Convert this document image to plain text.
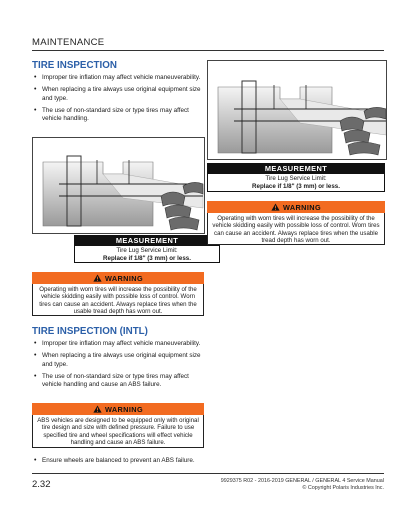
MAINTENANCE
TIRE INSPECTION
• Improper tire inflation may affect vehicle maneuverability.
• When replacing a tire always use original equipment size and type.
• The use of non-standard size or type tires may affect vehicle handling.
MEASUREMENT
Tire Lug Service Limit:
Replace if 1/8" (3 mm) or less.
WARNING
Operating with worn tires will increase the possibility of the vehicle skidding easily with possible loss of control. Worn tires can cause an accident. Always replace tires when the usable tread depth has worn out.
TIRE INSPECTION (INTL)
• Improper tire inflation may affect vehicle maneuverability.
• When replacing a tire always use original equipment size and type.
• The use of non-standard size or type tires may affect vehicle handling and cause an ABS failure.
WARNING
ABS vehicles are designed to be equipped only with original tire design and size with defined pressure. Failure to use specified tire and wheel specifications will effect vehicle handling and cause an ABS failure.
• Ensure wheels are balanced to prevent an ABS failure.
MEASUREMENT
Tire Lug Service Limit:
Replace if 1/8" (3 mm) or less.
WARNING
Operating with worn tires will increase the possibility of the vehicle skidding easily with possible loss of control. Worn tires can cause an accident. Always replace tires when the usable tread depth has worn out.
2.32	9929375 R02 - 2016-2019 GENERAL / GENERAL 4 Service Manual
© Copyright Polaris Industries Inc.
